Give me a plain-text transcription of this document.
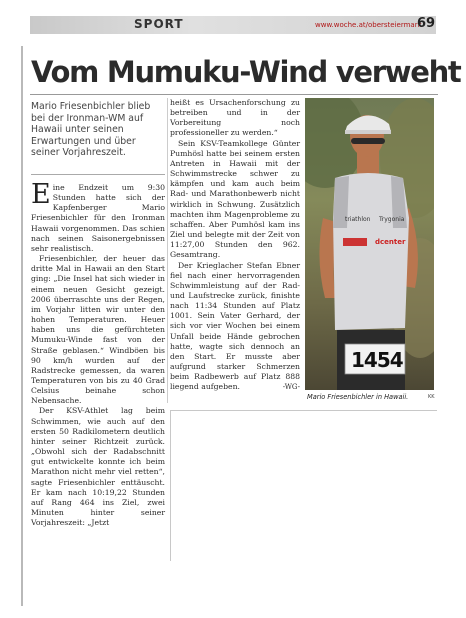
SPORT	www.woche.at/obersteiermark
69
Vom Mumuku-Wind verweht
Mario Friesenbichler blieb bei der Ironman-WM auf Hawaii unter seinen Erwartungen und über seiner Vorjahreszeit.

Eine Endzeit um 9:30 Stunden hatte sich der Kapfenberger Mario Friesenbichler für den Ironman Hawaii vorgenommen. Das schien nach seinen Saisonergebnissen sehr realistisch.

Friesenbichler, der heuer das dritte Mal in Hawaii an den Start ging: „Die Insel hat sich wieder in einem neuen Gesicht gezeigt. 2006 überraschte uns der Regen, im Vorjahr litten wir unter den hohen Temperaturen. Heuer haben uns die gefürchteten Mumuku-Winde fast von der Straße geblasen.“ Windböen bis 90 km/h wurden auf der Radstrecke gemessen, da waren Temperaturen von bis zu 40 Grad Celsius beinahe schon Nebensache.

Der KSV-Athlet lag beim Schwimmen, wie auch auf den ersten 50 Radkilometern deutlich hinter seiner Richtzeit zurück. „Obwohl sich der Radabschnitt gut entwickelte konnte ich beim Marathon nicht mehr viel retten“, sagte Friesenbichler enttäuscht. Er kam nach 10:19,22 Stunden auf Rang 464 ins Ziel, zwei Minuten hinter seiner Vorjahreszeit: „Jetzt

heißt es Ursachenforschung zu betreiben und in der Vorbereitung noch professioneller zu werden.“

Sein KSV-Teamkollege Günter Pumhösl hatte bei seinem ersten Antreten in Hawaii mit der Schwimmstrecke schwer zu kämpfen und kam auch beim Rad- und Marathonbewerb nicht wirklich in Schwung. Zusätzlich machten ihm Magenprobleme zu schaffen. Aber Pumhösl kam ins Ziel und belegte mit der Zeit von 11:27,00 Stunden den 962. Gesamtrang.

Der Krieglacher Stefan Ebner fiel nach einer hervorragenden Schwimmleistung auf der Rad- und Laufstrecke zurück, finishte nach 11:34 Stunden auf Platz 1001. Sein Vater Gerhard, der sich vor vier Wochen bei einem Unfall beide Hände gebrochen hatte, wagte sich dennoch an den Start. Er musste aber aufgrund starker Schmerzen beim Radbewerb auf Platz 888 liegend aufgeben.	-WG-

1454
triathlon
dcenter
Trygonia
Mario Friesenbichler in Hawaii.	KK
